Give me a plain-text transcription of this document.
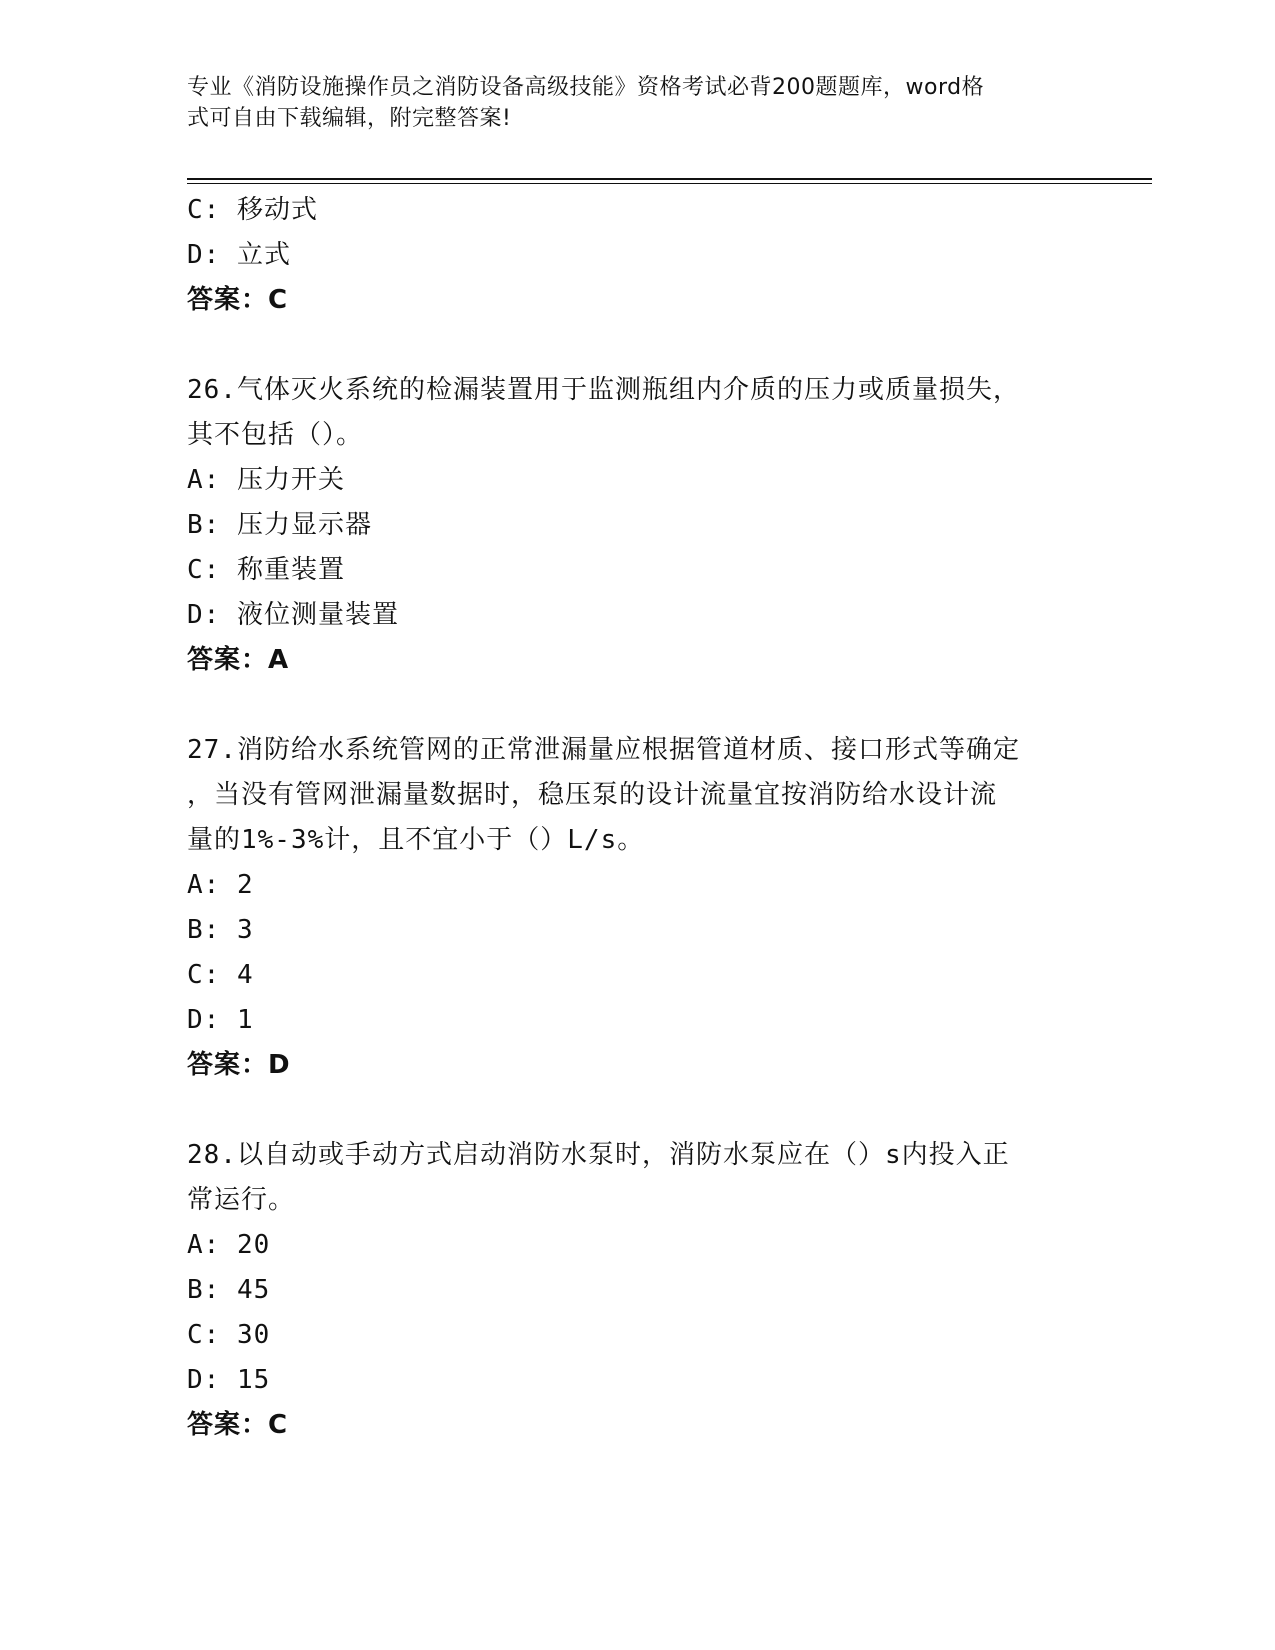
专业《消防设施操作员之消防设备高级技能》资格考试必背200题题库，word格
式可自由下载编辑，附完整答案!
C: 移动式
D: 立式
答案：C
26.气体灭火系统的检漏装置用于监测瓶组内介质的压力或质量损失，
其不包括（）。
A: 压力开关
B: 压力显示器
C: 称重装置
D: 液位测量装置
答案：A
27.消防给水系统管网的正常泄漏量应根据管道材质、接口形式等确定
，当没有管网泄漏量数据时，稳压泵的设计流量宜按消防给水设计流
量的1%-3%计，且不宜小于（）L/s。
A: 2
B: 3
C: 4
D: 1
答案：D
28.以自动或手动方式启动消防水泵时，消防水泵应在（）s内投入正
常运行。
A: 20
B: 45
C: 30
D: 15
答案：C
